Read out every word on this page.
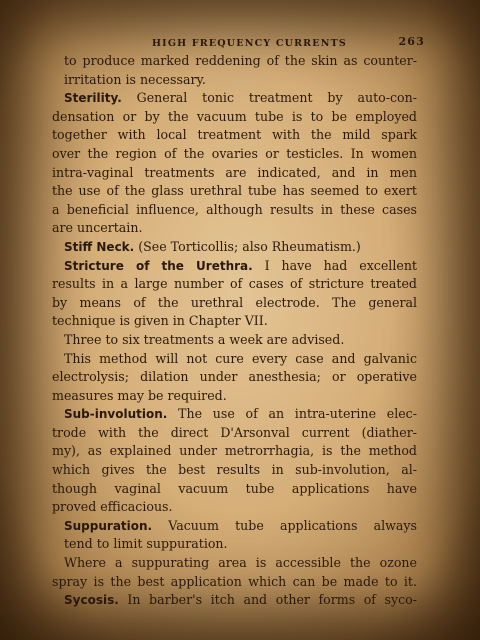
HIGH FREQUENCY CURRENTS	263
to produce marked reddening of the skin as counter-
irritation is necessary.
Sterility. General tonic treatment by auto-con-
densation or by the vacuum tube is to be employed
together with local treatment with the mild spark
over the region of the ovaries or testicles. In women
intra-vaginal treatments are indicated, and in men
the use of the glass urethral tube has seemed to exert
a beneficial influence, although results in these cases
are uncertain.
Stiff Neck. (See Torticollis; also Rheumatism.)
Stricture of the Urethra. I have had excellent
results in a large number of cases of stricture treated
by means of the urethral electrode. The general
technique is given in Chapter VII.
Three to six treatments a week are advised.
This method will not cure every case and galvanic
electrolysis; dilation under anesthesia; or operative
measures may be required.
Sub-involution. The use of an intra-uterine elec-
trode with the direct D'Arsonval current (diather-
my), as explained under metrorrhagia, is the method
which gives the best results in sub-involution, al-
though vaginal vacuum tube applications have
proved efficacious.
Suppuration. Vacuum tube applications always
tend to limit suppuration.
Where a suppurating area is accessible the ozone
spray is the best application which can be made to it.
Sycosis. In barber's itch and other forms of syco-
